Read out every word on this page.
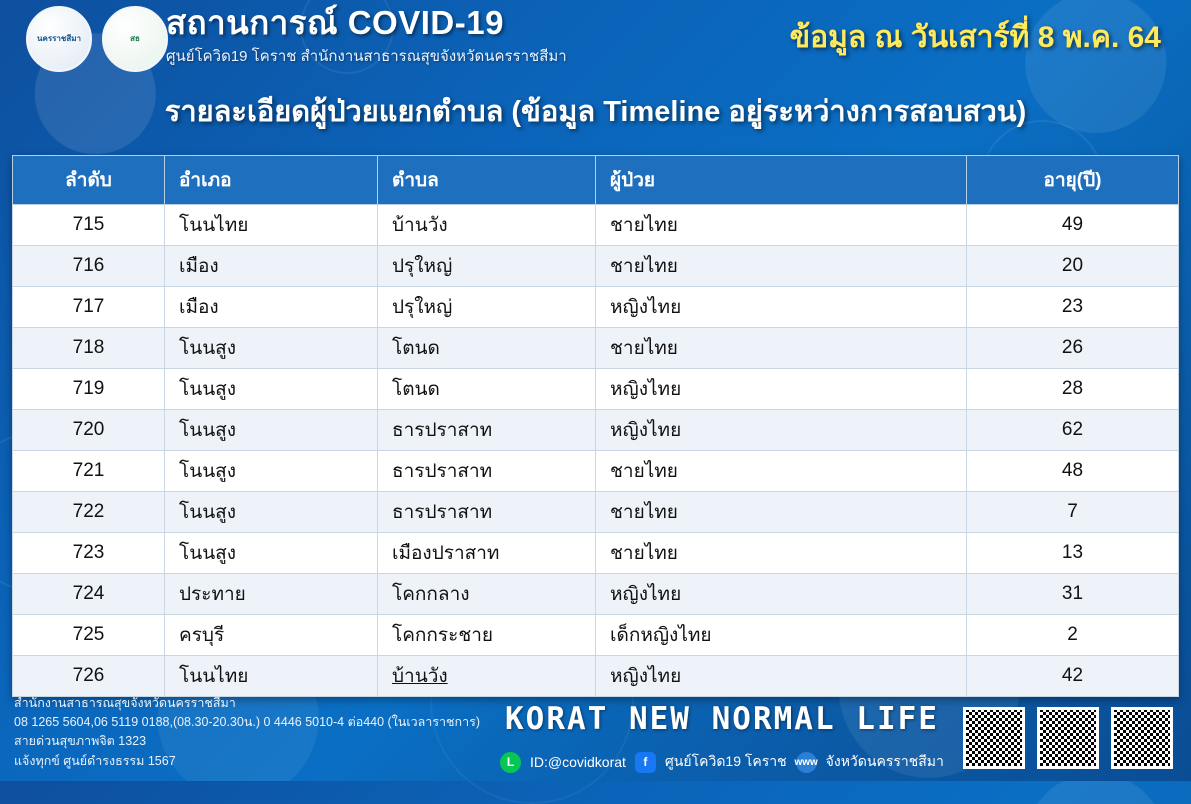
นครราชสีมา	สธ สถานการณ์ COVID-19
ศูนย์โควิด19 โคราช สำนักงานสาธารณสุขจังหวัดนครราชสีมา
ข้อมูล ณ วันเสาร์ที่ 8 พ.ค. 64
รายละเอียดผู้ป่วยแยกตำบล (ข้อมูล Timeline อยู่ระหว่างการสอบสวน)
ลำดับ	อำเภอ	ตำบล	ผู้ป่วย	อายุ(ปี)
715	โนนไทย	บ้านวัง	ชายไทย	49
716	เมือง	ปรุใหญ่	ชายไทย	20
717	เมือง	ปรุใหญ่	หญิงไทย	23
718	โนนสูง	โตนด	ชายไทย	26
719	โนนสูง	โตนด	หญิงไทย	28
720	โนนสูง	ธารปราสาท	หญิงไทย	62
721	โนนสูง	ธารปราสาท	ชายไทย	48
722	โนนสูง	ธารปราสาท	ชายไทย	7
723	โนนสูง	เมืองปราสาท	ชายไทย	13
724	ประทาย	โคกกลาง	หญิงไทย	31
725	ครบุรี	โคกกระชาย	เด็กหญิงไทย	2
726	โนนไทย	บ้านวัง	หญิงไทย	42
สำนักงานสาธารณสุขจังหวัดนครราชสีมา
08 1265 5604,06 5119 0188,(08.30-20.30น.) 0 4446 5010-4 ต่อ440 (ในเวลาราชการ)
สายด่วนสุขภาพจิต 1323
แจ้งทุกข์ ศูนย์ดำรงธรรม 1567
KORAT NEW NORMAL LIFE
L	ID:@covidkorat	f	ศูนย์โควิด19 โคราช www จังหวัดนครราชสีมา
